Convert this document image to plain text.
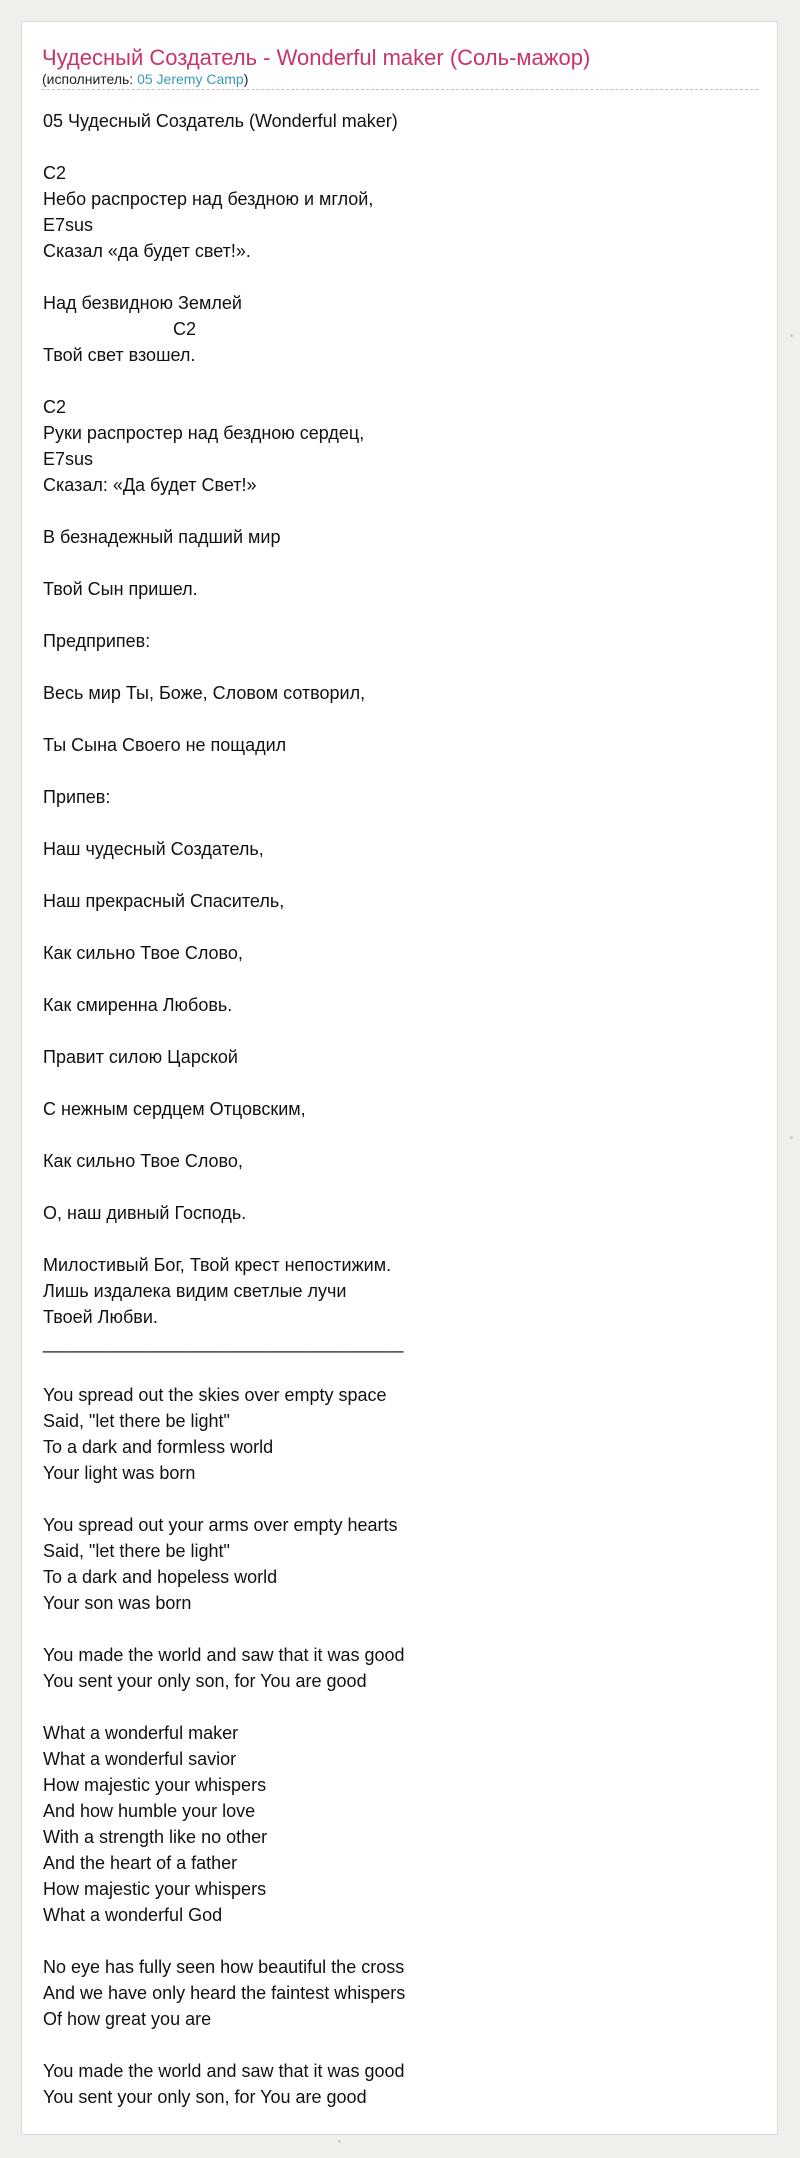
Чудесный Создатель - Wonderful maker (Соль-мажор)
(исполнитель: 05 Jeremy Camp)
05 Чудесный Создатель (Wonderful maker)

C2
Небо распростер над бездною и мглой,
E7sus
Сказал «да будет свет!».

Над безвидною Землей
C2
Твой свет взошел.

C2
Руки распростер над бездною сердец,
E7sus
Сказал: «Да будет Свет!»

В безнадежный падший мир

Твой Сын пришел.

Предприпев:

Весь мир Ты, Боже, Словом сотворил,

Ты Сына Своего не пощадил

Припев:

Наш чудесный Создатель,

Наш прекрасный Спаситель,

Как сильно Твое Слово,

Как смиренна Любовь.

Правит силою Царской

С нежным сердцем Отцовским,

Как сильно Твое Слово,

О, наш дивный Господь.

Милостивый Бог, Твой крест непостижим.
Лишь издалека видим светлые лучи
Твоей Любви.
____________________________________

You spread out the skies over empty space
Said, "let there be light"
To a dark and formless world
Your light was born

You spread out your arms over empty hearts
Said, "let there be light"
To a dark and hopeless world
Your son was born

You made the world and saw that it was good
You sent your only son, for You are good

What a wonderful maker
What a wonderful savior
How majestic your whispers
And how humble your love
With a strength like no other
And the heart of a father
How majestic your whispers
What a wonderful God

No eye has fully seen how beautiful the cross
And we have only heard the faintest whispers
Of how great you are

You made the world and saw that it was good
You sent your only son, for You are good
